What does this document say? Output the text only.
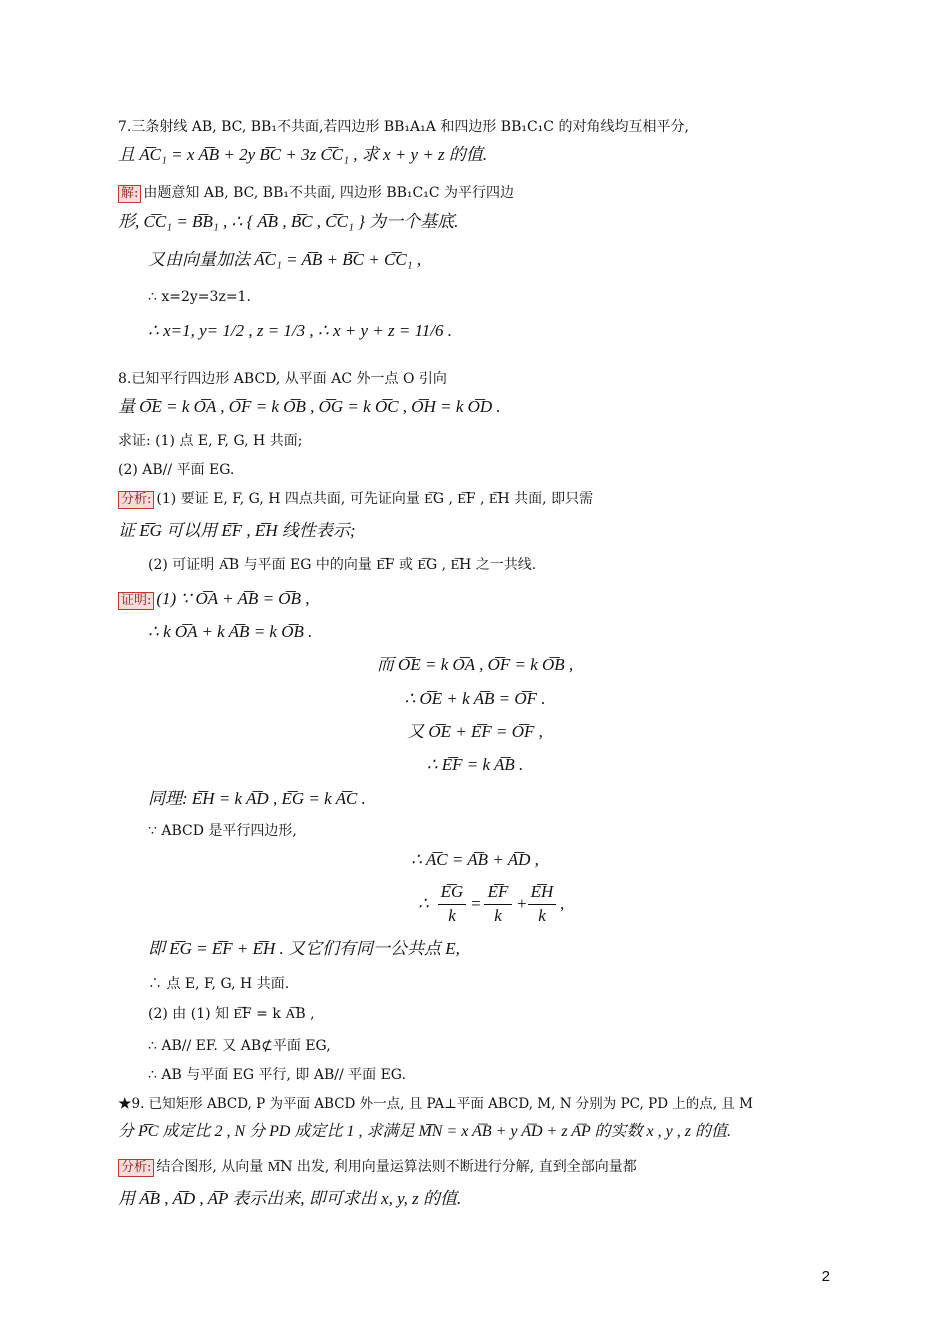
7.三条射线 AB, BC, BB₁不共面,若四边形 BB₁A₁A 和四边形 BB₁C₁C 的对角线均互相平分,
且 A͞C₁ = x A͞B + 2y B͞C + 3z C͞C₁ , 求 x + y + z 的值.
解: 由题意知 AB, BC, BB₁不共面, 四边形 BB₁C₁C 为平行四边
形, C͞C₁ = B͞B₁ , ∴ { A͞B , B͞C , C͞C₁ } 为一个基底.
又由向量加法 A͞C₁ = A͞B + B͞C + C͞C₁ ,
∴ x=2y=3z=1.
∴ x=1, y= 1/2 , z = 1/3 , ∴ x + y + z = 11/6 .
8.已知平行四边形 ABCD, 从平面 AC 外一点 O 引向
量 O͞E = k O͞A , O͞F = k O͞B , O͞G = k O͞C , O͞H = k O͞D .
求证: (1) 点 E, F, G, H 共面;
(2) AB// 平面 EG.
分析: (1) 要证 E, F, G, H 四点共面, 可先证向量 E͞G , E͞F , E͞H 共面, 即只需
证 E͞G 可以用 E͞F , E͞H 线性表示;
(2) 可证明 A͞B 与平面 EG 中的向量 E͞F 或 E͞G , E͞H 之一共线.
证明: (1) ∵ O͞A + A͞B = O͞B ,
∴ k O͞A + k A͞B = k O͞B .
而 O͞E = k O͞A , O͞F = k O͞B ,
∴ O͞E + k A͞B = O͞F .
又 O͞E + E͞F = O͞F ,
∴ E͞F = k A͞B .
同理: E͞H = k A͞D , E͞G = k A͞C .
∵ ABCD 是平行四边形,
∴ A͞C = A͞B + A͞D ,
∴
E͞G
k
=
E͞F
k
+
E͞H
k
,
即 E͞G = E͞F + E͞H . 又它们有同一公共点 E,
∴ 点 E, F, G, H 共面.
(2) 由 (1) 知 E͞F = k A͞B ,
∴ AB// EF. 又 AB⊄平面 EG,
∴ AB 与平面 EG 平行, 即 AB// 平面 EG.
★9. 已知矩形 ABCD, P 为平面 ABCD 外一点, 且 PA⊥平面 ABCD, M, N 分别为 PC, PD 上的点, 且 M
分 P͞C 成定比 2 , N 分 PD 成定比 1 , 求满足 M͞N = x A͞B + y A͞D + z A͞P 的实数 x , y , z 的值.
分析: 结合图形, 从向量 M͞N 出发, 利用向量运算法则不断进行分解, 直到全部向量都
用 A͞B , A͞D , A͞P 表示出来, 即可求出 x, y, z 的值.
2
